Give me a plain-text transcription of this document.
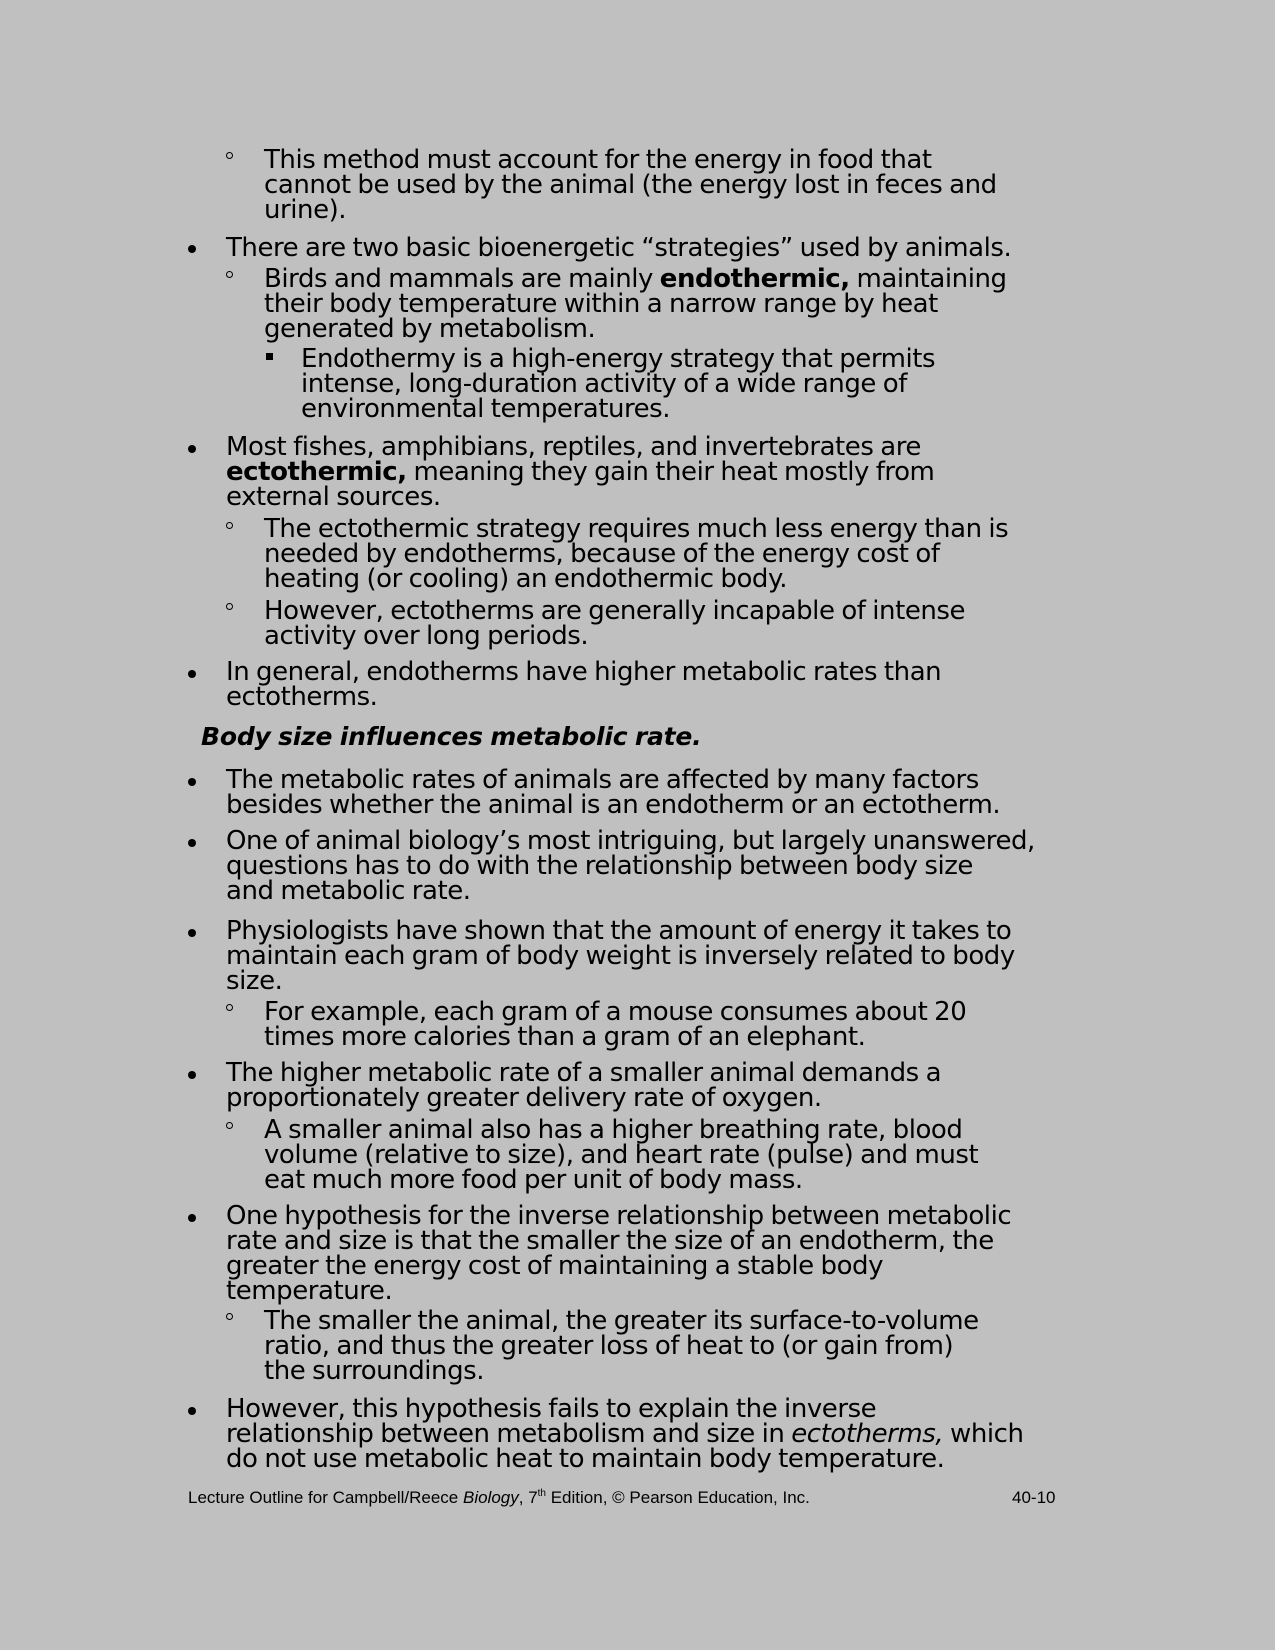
This method must account for the energy in food that
cannot be used by the animal (the energy lost in feces and
urine).
There are two basic bioenergetic “strategies” used by animals.
Birds and mammals are mainly endothermic, maintaining
their body temperature within a narrow range by heat
generated by metabolism.
Endothermy is a high-energy strategy that permits
intense, long-duration activity of a wide range of
environmental temperatures.
Most fishes, amphibians, reptiles, and invertebrates are
ectothermic, meaning they gain their heat mostly from
external sources.
The ectothermic strategy requires much less energy than is
needed by endotherms, because of the energy cost of
heating (or cooling) an endothermic body.
However, ectotherms are generally incapable of intense
activity over long periods.
In general, endotherms have higher metabolic rates than
ectotherms.
Body size influences metabolic rate.
The metabolic rates of animals are affected by many factors
besides whether the animal is an endotherm or an ectotherm.
One of animal biology’s most intriguing, but largely unanswered,
questions has to do with the relationship between body size
and metabolic rate.
Physiologists have shown that the amount of energy it takes to
maintain each gram of body weight is inversely related to body
size.
For example, each gram of a mouse consumes about 20
times more calories than a gram of an elephant.
The higher metabolic rate of a smaller animal demands a
proportionately greater delivery rate of oxygen.
A smaller animal also has a higher breathing rate, blood
volume (relative to size), and heart rate (pulse) and must
eat much more food per unit of body mass.
One hypothesis for the inverse relationship between metabolic
rate and size is that the smaller the size of an endotherm, the
greater the energy cost of maintaining a stable body
temperature.
The smaller the animal, the greater its surface-to-volume
ratio, and thus the greater loss of heat to (or gain from)
the surroundings.
However, this hypothesis fails to explain the inverse
relationship between metabolism and size in ectotherms, which
do not use metabolic heat to maintain body temperature.
Lecture Outline for Campbell/Reece Biology, 7th Edition, © Pearson Education, Inc.	40-10
